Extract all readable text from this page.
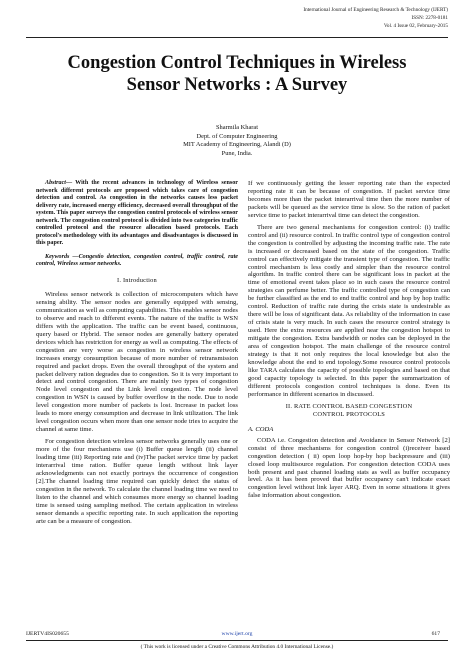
International Journal of Engineering Research & Technology (IJERT)
ISSN: 2278-0181
Vol. 4 Issue 02, February-2015
Congestion Control Techniques in Wireless
Sensor Networks : A Survey
Sharmila Kharat
Dept. of Computer Engineering
MIT Academy of Engineering, Alandi (D)
Pune, India.
Abstract— With the recent advances in technology of Wireless sensor network different protocols are proposed which takes care of congestion detection and control. As congestion in the networks causes less packet delivery rate, increased energy efficiency, decreased overall throughput of the system. This paper surveys the congestion control protocols of wireless sensor network. The congestion control protocol is divided into two categories traffic controlled protocol and the resource allocation based protocols. Each protocol's methodology with its advantages and disadvantages is discussed in this paper.
Keywords —Congestio detection, congestion control, traffic control, rate control, Wireless sensor networks.
I. Introduction

Wireless sensor network is collection of microcomputers which have sensing ability. The sensor nodes are generally equipped with sensing, communication as well as computing capabilities. This enables sensor nodes to observe and reach to different events. The nature of the traffic is WSN differs with the application. The traffic can be event based, continuous, query based or Hybrid. The sensor nodes are generally battery operated devices which has restriction for energy as well as computing. The effects of congestion are very worse as congestion in wireless sensor network increases energy consumption because of more number of retransmission required and packet drops. Even the overall throughput of the system and packet delivery ration degrades due to congestion. So it is very important to detect and control congestion. There are mainly two types of congestion Node level congestion and the Link level congestion. The node level congestion in WSN is caused by buffer overflow in the node. Due to node level congestion more number of packets is lost. Increase in packet loss leads to more energy consumption and decrease in link utilization. The link level congestion occurs when more than one sensor node tries to acquire the channel at same time.

For congestion detection wireless sensor networks generally uses one or more of the four mechanisms use (i) Buffer queue length (ii) channel loading time (iii) Reporting rate and (iv)The packet service time by packet interarrival time ration. Buffer queue length without link layer acknowledgments can not exactly portrays the occurrence of congestion [2].The channel loading time required can quickly detect the status of congestion in the network. To calculate the channel loading time we need to listen to the channel and which consumes more energy so channel loading time is sensed using sampling method. The certain application in wireless sensor demands a specific reporting rate. In such application the reporting arte can be a measure of congestion.

If we continuously getting the lesser reporting rate than the expected reporting rate it can be because of congestion. If packet service time becomes more than the packet interarrival time then the more number of packets will be queued as the service time is slow. So the ration of packet service time to packet interarrival time can detect the congestion.

There are two general mechanisms for congestion control: (i) traffic control and (ii) resource control. In traffic control type of congestion control the congestion is controlled by adjusting the incoming traffic rate. The rate is increased or decreased based on the state of the congestion. Traffic control can effectively mitigate the transient type of congestion. The traffic control mechanism is less costly and simpler than the resource control algorithm. In traffic control there can be significant loss in packet at the time of emotional event takes place so in such cases the resource control strategies can perfume better. The traffic controlled type of congestion can be further classified as the end to end traffic control and hop by hop traffic control. Reduction of traffic rate during the crisis state is undesirable as there will be loss of significant data. As reliability of the information in case of crisis state is very much. In such cases the resource control strategy is used. Here the extra resources are applied near the congestion hotspot to mitigate the congestion. Extra bandwidth or nodes can be deployed in the area of congestion hotspot. The main challenge of the resource control strategy is that it not only requires the local knowledge but also the knowledge about the end to end topology.Some resource control protocols like TARA calculates the capacity of possible topologies and based on that good capacity topology is selected. In this paper the summarization of different protocols congestion control techniques is done. Even its performance in different scenarios in discussed.

II. RATE CONTROL BASED CONGESTION
CONTROL PROTOCOLS
A. CODA

CODA i.e. Congestion detection and Avoidance in Sensor Network [2] consist of three mechanisms for congestion control (i)receiver based congestion detection ( ii) open loop hop-by hop backpressure and (iii) closed loop multisource regulation. For congestion detection CODA uses both present and past channel loading stats as well as buffer occupancy level. As it has been proved that buffer occupancy can't indicate exact congestion level without link layer ARQ. Even in some situations it gives false information about congestion.

IJERTV4IS020655	www.ijert.org	617
( This work is licensed under a Creative Commons Attribution 4.0 International License.)
